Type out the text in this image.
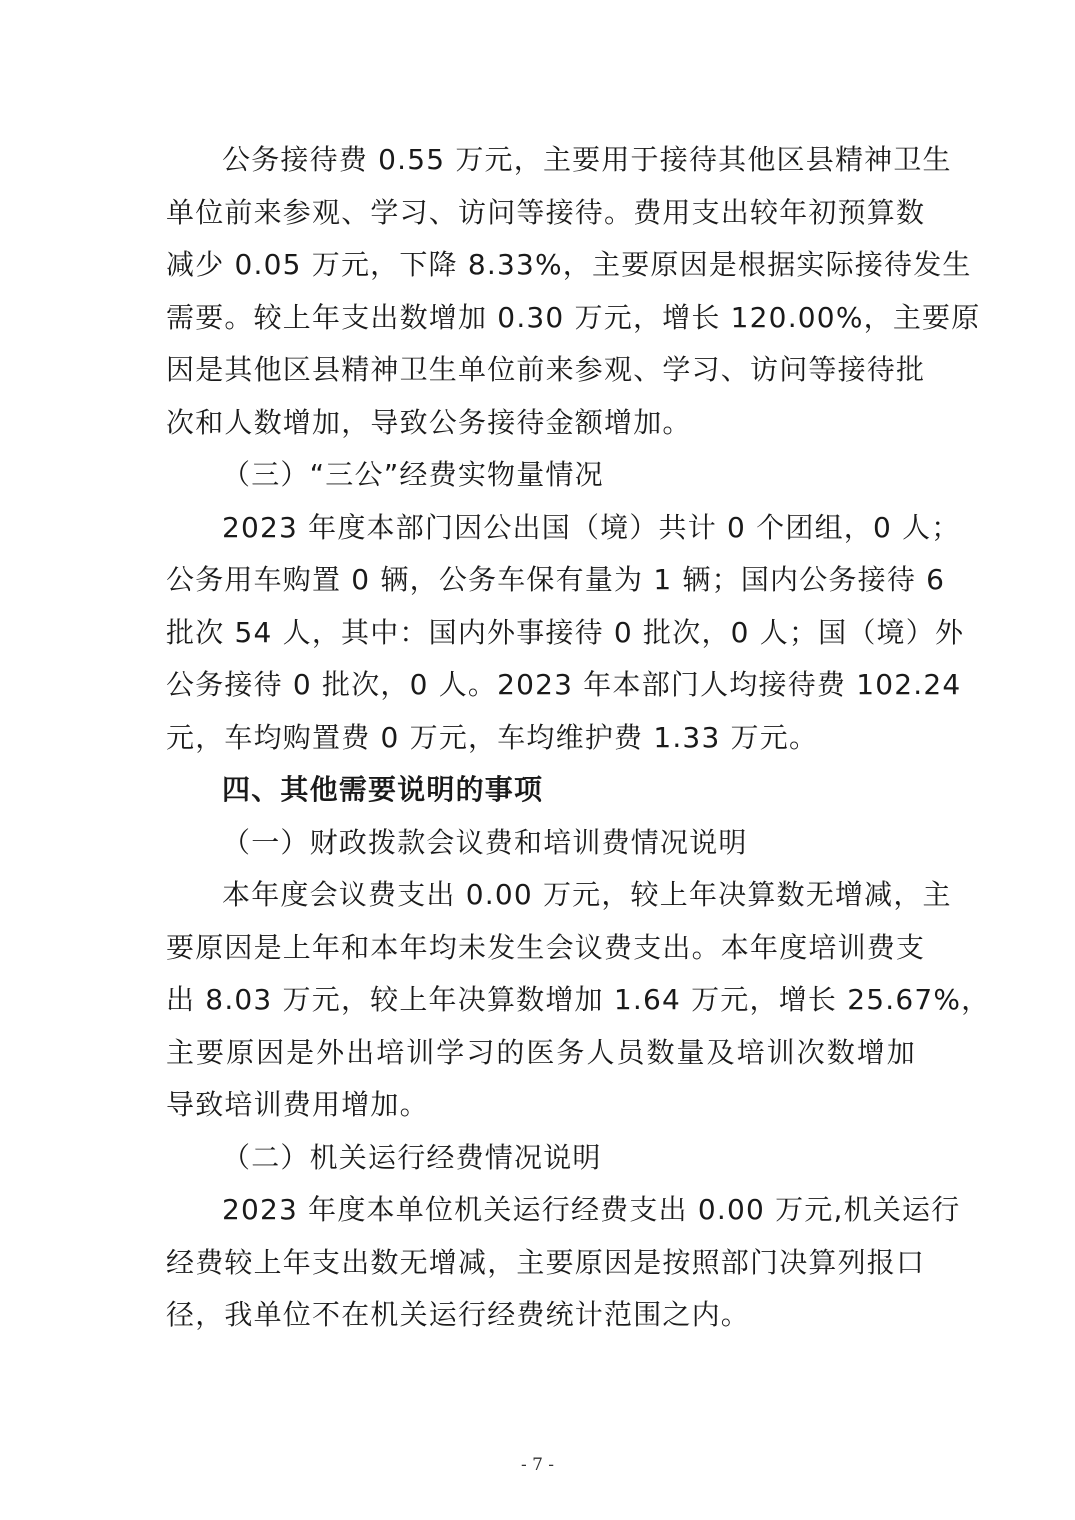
公务接待费 0.55 万元，主要用于接待其他区县精神卫生
单位前来参观、学习、访问等接待。费用支出较年初预算数
减少 0.05 万元，下降 8.33%，主要原因是根据实际接待发生
需要。较上年支出数增加 0.30 万元，增长 120.00%，主要原
因是其他区县精神卫生单位前来参观、学习、访问等接待批
次和人数增加，导致公务接待金额增加。
（三）“三公”经费实物量情况
2023 年度本部门因公出国（境）共计 0 个团组，0 人；
公务用车购置 0 辆，公务车保有量为 1 辆；国内公务接待 6
批次 54 人，其中：国内外事接待 0 批次，0 人；国（境）外
公务接待 0 批次，0 人。2023 年本部门人均接待费 102.24
元，车均购置费 0 万元，车均维护费 1.33 万元。
四、其他需要说明的事项
（一）财政拨款会议费和培训费情况说明
本年度会议费支出 0.00 万元，较上年决算数无增减，主
要原因是上年和本年均未发生会议费支出。本年度培训费支
出 8.03 万元，较上年决算数增加 1.64 万元，增长 25.67%，
主要原因是外出培训学习的医务人员数量及培训次数增加
导致培训费用增加。
（二）机关运行经费情况说明
2023 年度本单位机关运行经费支出 0.00 万元,机关运行
经费较上年支出数无增减，主要原因是按照部门决算列报口
径，我单位不在机关运行经费统计范围之内。
- 7 -
